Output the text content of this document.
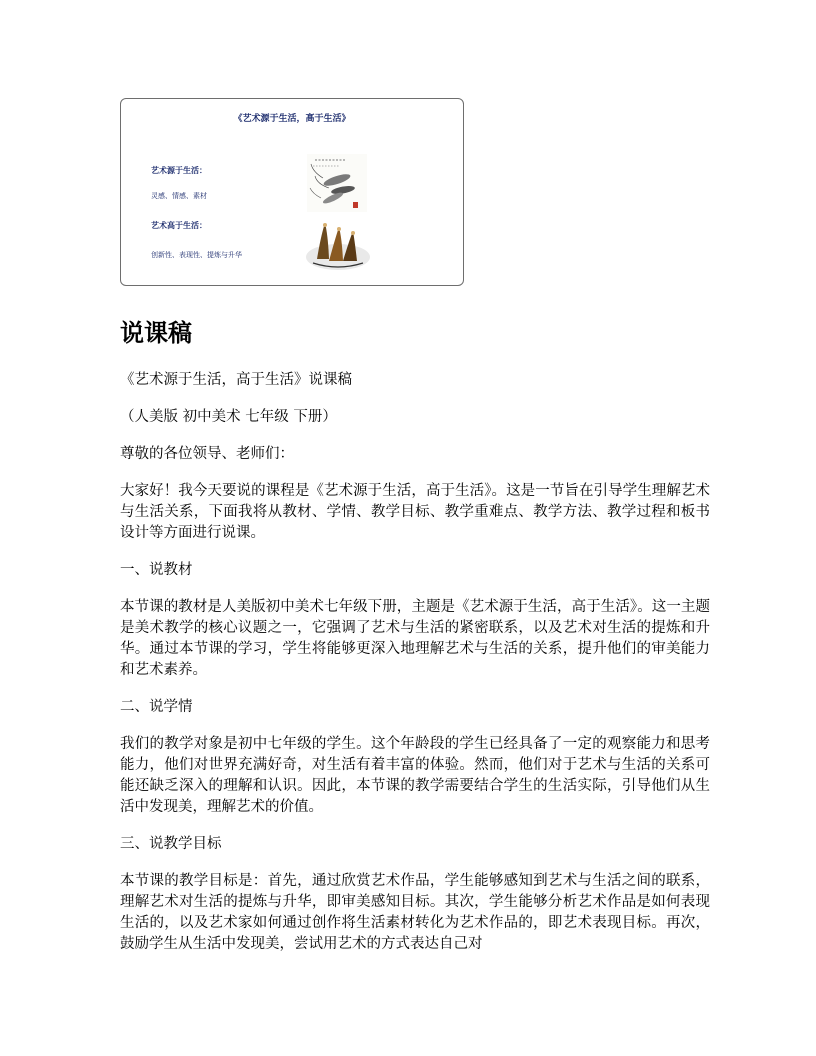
《艺术源于生活，高于生活》
艺术源于生活：
灵感、情感、素材
艺术高于生活：
创新性、表现性、提炼与升华
说课稿

《艺术源于生活，高于生活》说课稿

（人美版 初中美术 七年级 下册）

尊敬的各位领导、老师们：

大家好！我今天要说的课程是《艺术源于生活，高于生活》。这是一节旨在引导学生理解艺术与生活关系，下面我将从教材、学情、教学目标、教学重难点、教学方法、教学过程和板书设计等方面进行说课。

一、说教材

本节课的教材是人美版初中美术七年级下册，主题是《艺术源于生活，高于生活》。这一主题是美术教学的核心议题之一，它强调了艺术与生活的紧密联系，以及艺术对生活的提炼和升华。通过本节课的学习，学生将能够更深入地理解艺术与生活的关系，提升他们的审美能力和艺术素养。

二、说学情

我们的教学对象是初中七年级的学生。这个年龄段的学生已经具备了一定的观察能力和思考能力，他们对世界充满好奇，对生活有着丰富的体验。然而，他们对于艺术与生活的关系可能还缺乏深入的理解和认识。因此，本节课的教学需要结合学生的生活实际，引导他们从生活中发现美，理解艺术的价值。

三、说教学目标

本节课的教学目标是：首先，通过欣赏艺术作品，学生能够感知到艺术与生活之间的联系，理解艺术对生活的提炼与升华，即审美感知目标。其次，学生能够分析艺术作品是如何表现生活的，以及艺术家如何通过创作将生活素材转化为艺术作品的，即艺术表现目标。再次，鼓励学生从生活中发现美，尝试用艺术的方式表达自己对
